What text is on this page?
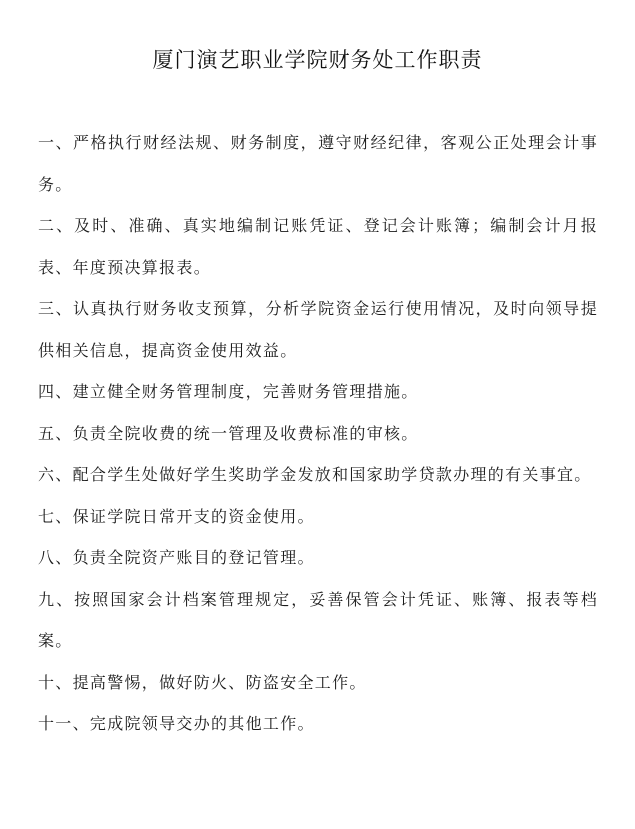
厦门演艺职业学院财务处工作职责
一、严格执行财经法规、财务制度，遵守财经纪律，客观公正处理会计事务。
二、及时、准确、真实地编制记账凭证、登记会计账簿；编制会计月报表、年度预决算报表。
三、认真执行财务收支预算，分析学院资金运行使用情况，及时向领导提供相关信息，提高资金使用效益。
四、建立健全财务管理制度，完善财务管理措施。
五、负责全院收费的统一管理及收费标准的审核。
六、配合学生处做好学生奖助学金发放和国家助学贷款办理的有关事宜。
七、保证学院日常开支的资金使用。
八、负责全院资产账目的登记管理。
九、按照国家会计档案管理规定，妥善保管会计凭证、账簿、报表等档案。
十、提高警惕，做好防火、防盗安全工作。
十一、完成院领导交办的其他工作。
